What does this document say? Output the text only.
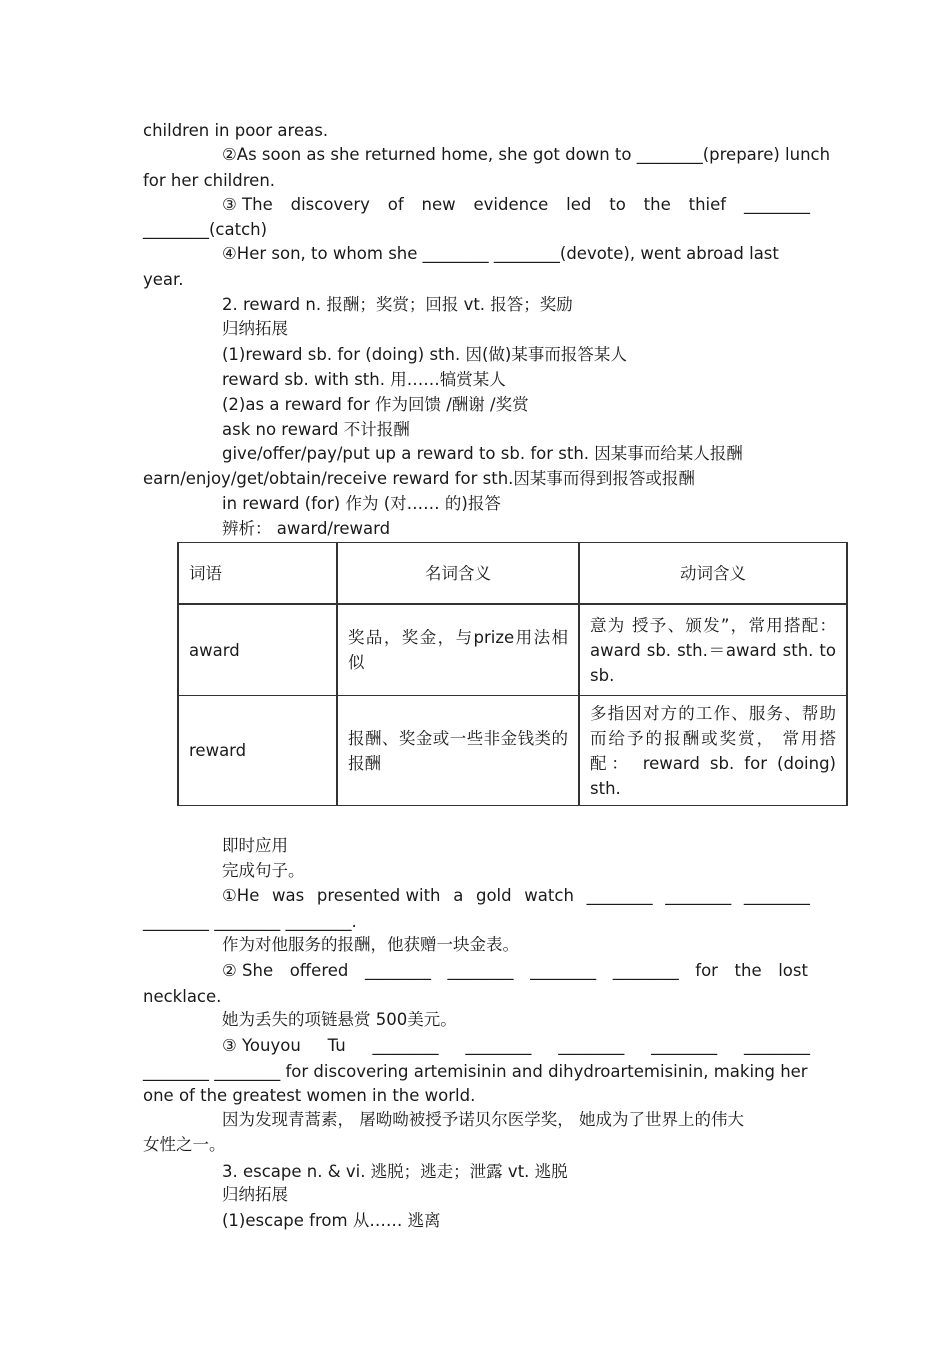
children in poor areas.
②As soon as she returned home, she got down to ________(prepare) lunch
for her children.
③ The discovery of new evidence led to the thief ________
________(catch)
④Her son, to whom she ________ ________(devote), went abroad last
year.
2. reward n. 报酬；奖赏；回报 vt. 报答；奖励
归纳拓展
(1)reward sb. for (doing) sth. 因(做)某事而报答某人
reward sb. with sth. 用……犒赏某人
(2)as a reward for 作为回馈 /酬谢 /奖赏
ask no reward 不计报酬
give/offer/pay/put up a reward to sb. for sth. 因某事而给某人报酬
earn/enjoy/get/obtain/receive reward for sth.因某事而得到报答或报酬
in reward (for) 作为 (对…… 的)报答
辨析： award/reward
词语	名词含义	动词含义
award	奖品，奖金，与prize用法相似	意为 授予、颁发”，常用搭配：award sb. sth.＝award sth. to sb.
reward	报酬、奖金或一些非金钱类的报酬	多指因对方的工作、服务、帮助而给予的报酬或奖赏， 常用搭配： reward sb. for (doing) sth.
即时应用
完成句子。
①He was presented with a gold watch ________ ________ ________
________ ________ ________.
作为对他服务的报酬，他获赠一块金表。
② She offered ________ ________ ________ ________ for the lost
necklace.
她为丢失的项链悬赏 500美元。
③ Youyou Tu ________ ________ ________ ________ ________
________ ________ for discovering artemisinin and dihydroartemisinin, making her
one of the greatest women in the world.
因为发现青蒿素， 屠呦呦被授予诺贝尔医学奖， 她成为了世界上的伟大
女性之一。
3. escape n. & vi. 逃脱；逃走；泄露 vt. 逃脱
归纳拓展
(1)escape from 从…… 逃离
